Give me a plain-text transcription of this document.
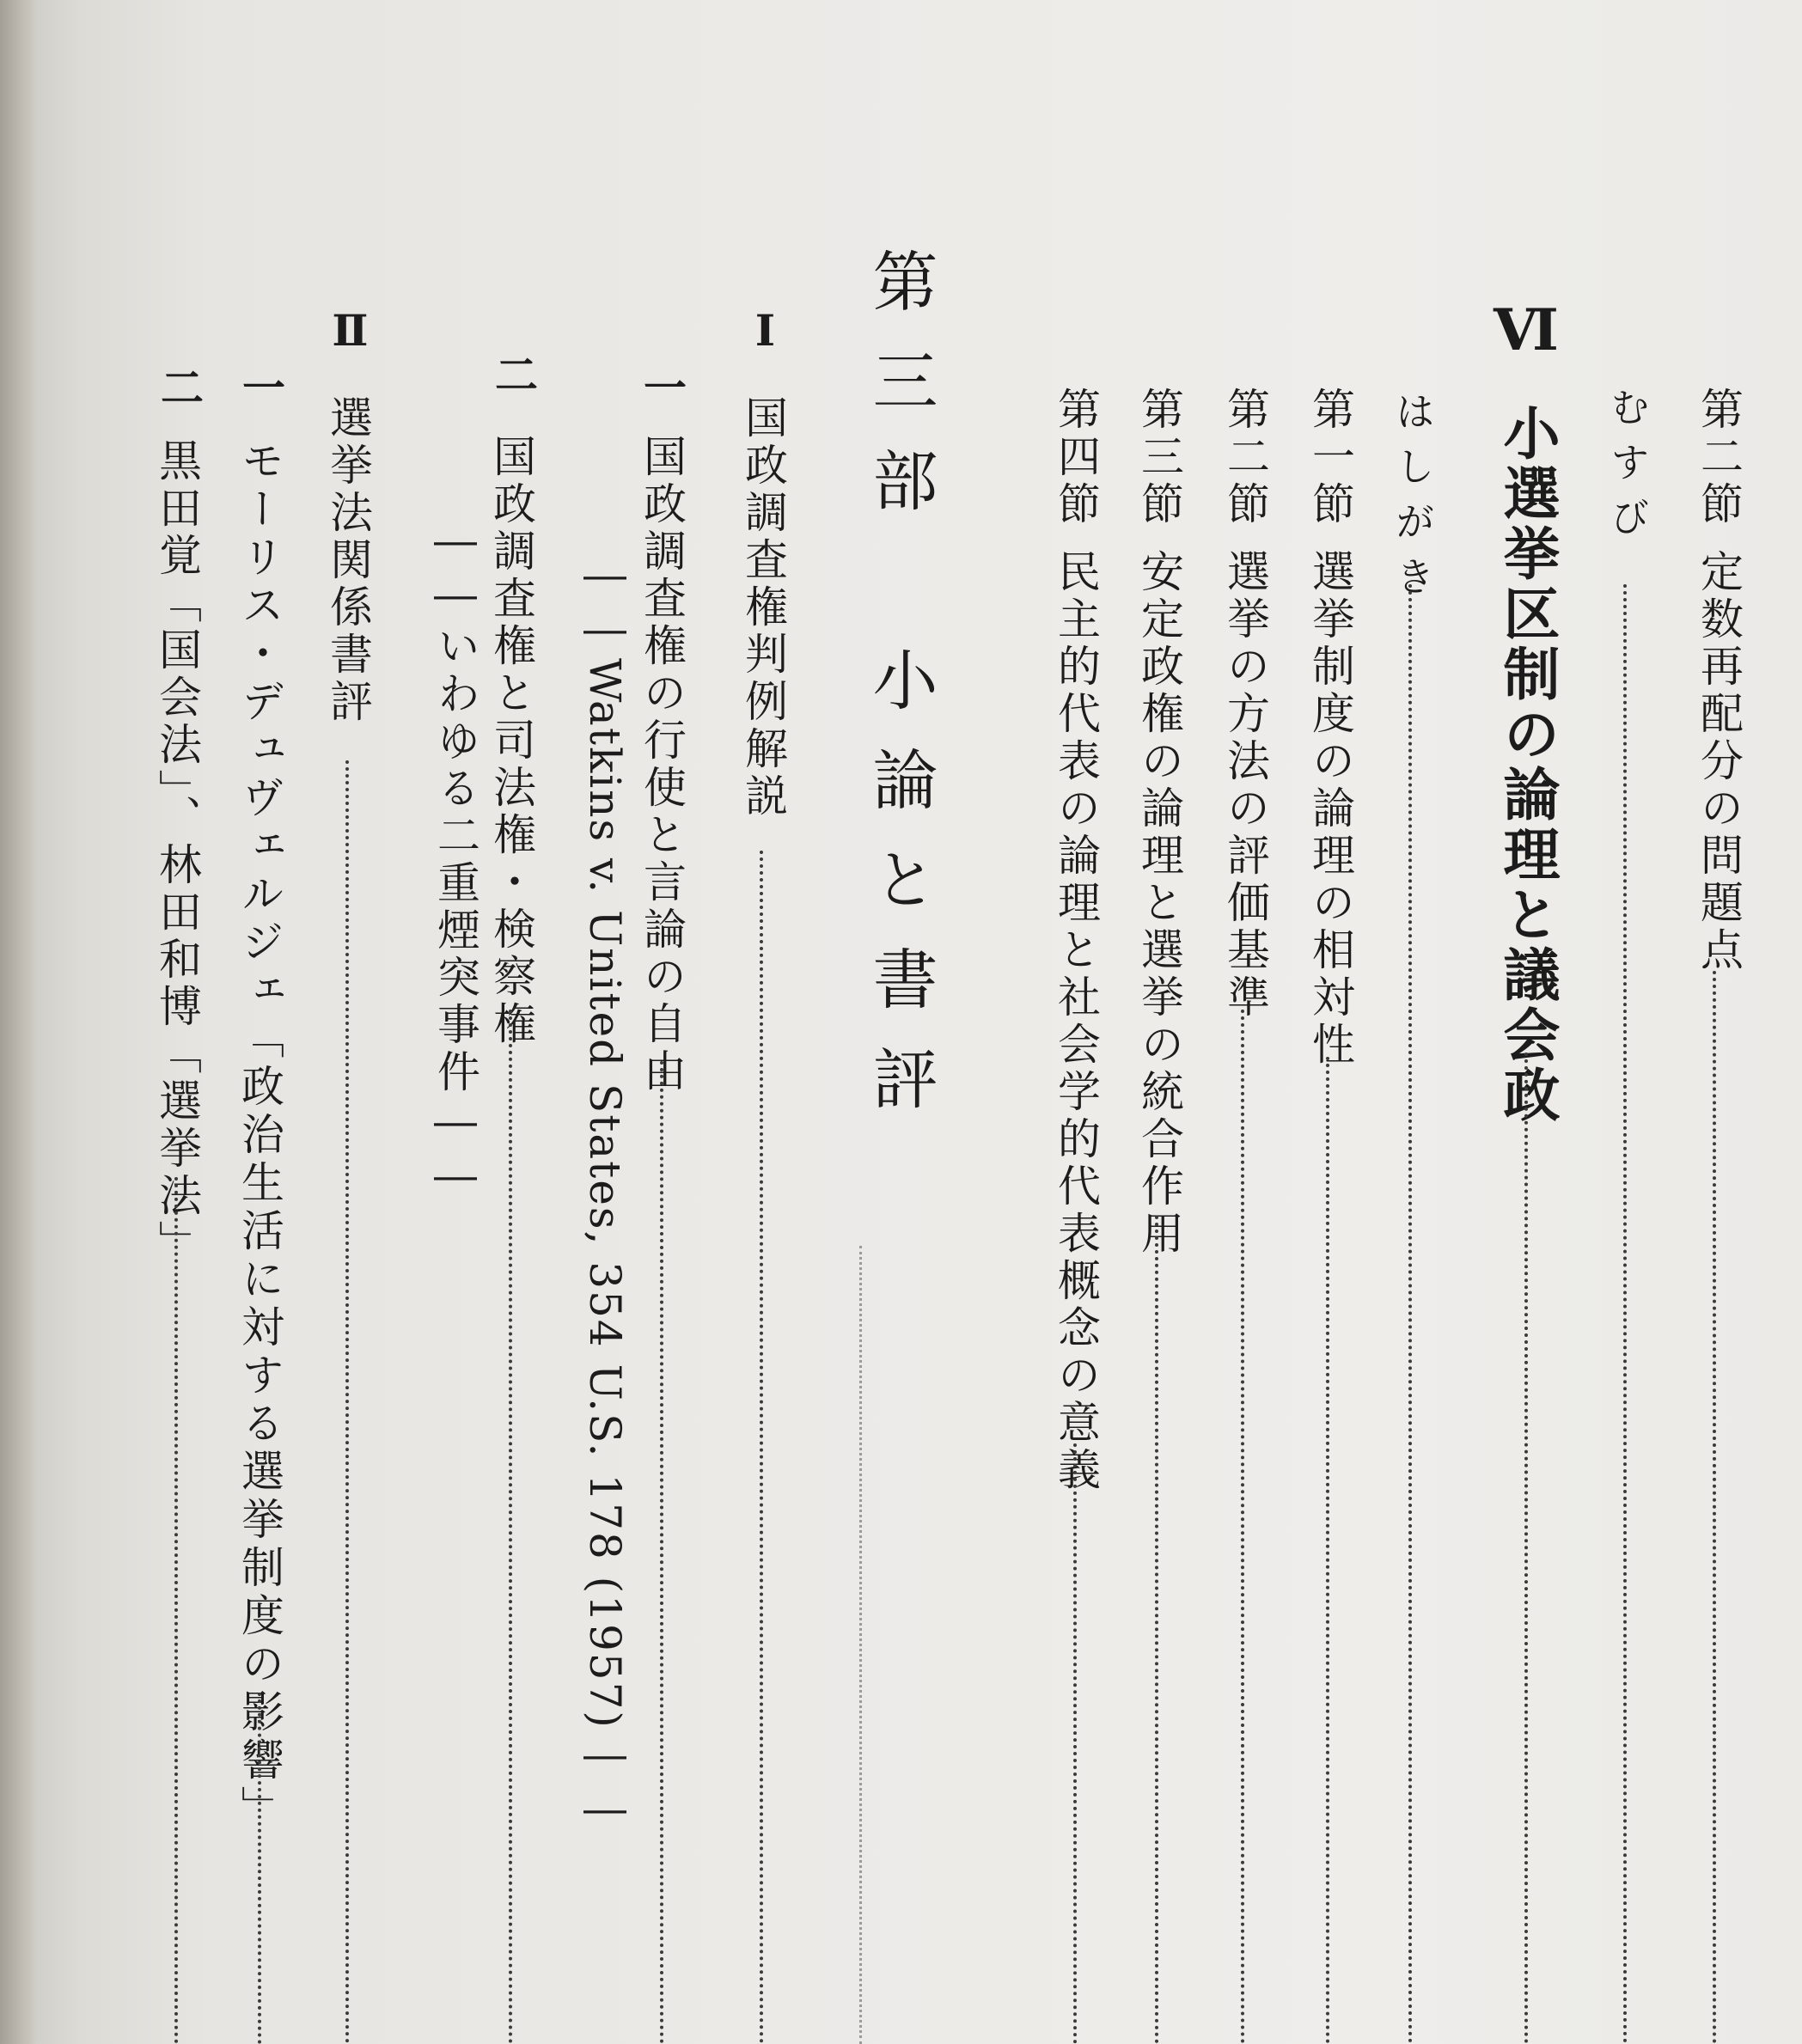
第二節定数再配分の問題点
むすび
Ⅵ
小選挙区制の論理と議会政
はしがき
第一節選挙制度の論理の相対性
第二節選挙の方法の評価基準
第三節安定政権の論理と選挙の統合作用
第四節民主的代表の論理と社会学的代表概念の意義
第三部　小論と書評
Ⅰ
国政調査権判例解説
一
国政調査権の行使と言論の自由
――Watkins v. United States, 354 U.S. 178 (1957)――
二
国政調査権と司法権・検察権
――いわゆる二重煙突事件――
Ⅱ
選挙法関係書評
一
モーリス・デュヴェルジェ「政治生活に対する選挙制度の影響」
二
黒田覚「国会法」、林田和博「選挙法」
